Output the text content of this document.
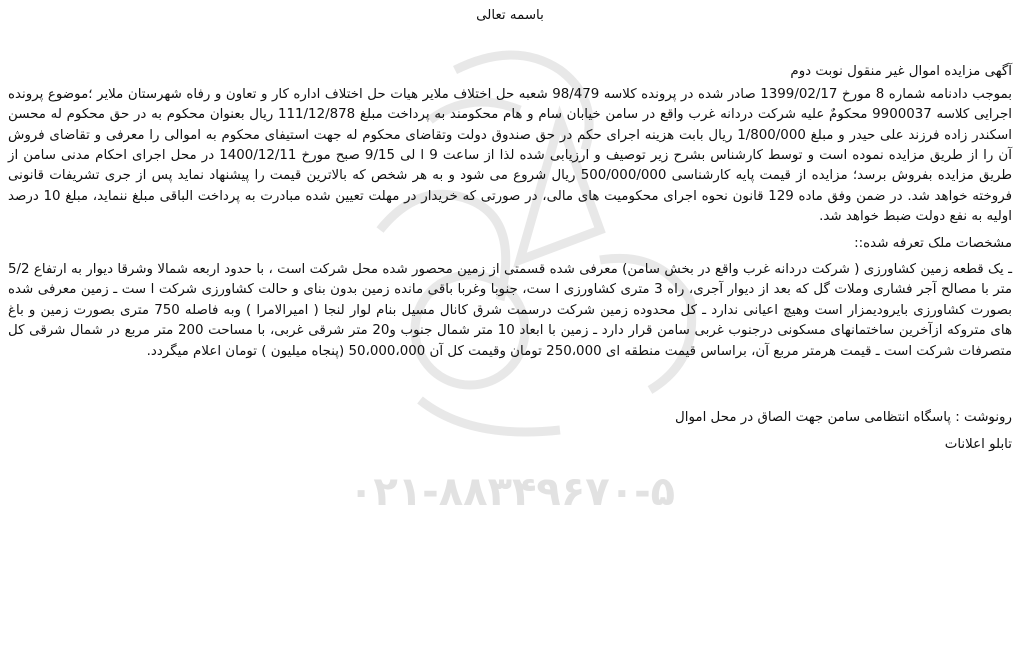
۰۲۱-۸۸۳۴۹۶۷۰-۵

باسمه تعالی

آگهی مزایده اموال غیر منقول نوبت دوم

بموجب دادنامه شماره 8 مورخ 1399/02/17 صادر شده در پرونده کلاسه 98/479 شعبه حل اختلاف ملایر هیات حل اختلاف اداره کار و تعاون و رفاه شهرستان ملایر ؛موضوع پرونده اجرایی کلاسه 9900037 محکومٌ علیه شرکت دردانه غرب واقع در سامن خیابان سام و هام محکومند به پرداخت مبلغ 111/12/878 ریال بعنوان محکوم به در حق محکوم له محسن اسکندر زاده فرزند علی حیدر و مبلغ 1/800/000 ریال بابت هزینه اجرای حکم در حق صندوق دولت وتقاضای محکوم له جهت استیفای محکوم به اموالی را معرفی و تقاضای فروش آن را از طریق مزایده نموده است و توسط کارشناس بشرح زیر توصیف و ارزیابی شده لذا از ساعت 9 ا لی 9/15 صبح مورخ 1400/12/11 در محل اجرای احکام مدنی سامن از طریق مزایده بفروش برسد؛ مزایده از قیمت پایه کارشناسی 500/000/000 ریال شروع می شود و به هر شخص که بالاترین قیمت را پیشنهاد نماید پس از جری تشریفات قانونی فروخته خواهد شد. در ضمن وفق ماده 129 قانون نحوه اجرای محکومیت های مالی، در صورتی که خریدار در مهلت تعیین شده مبادرت به پرداخت الباقی مبلغ ننماید، مبلغ 10 درصد اولیه به نفع دولت ضبط خواهد شد.

مشخصات ملک تعرفه شده::

ـ یک قطعه زمین کشاورزی ( شرکت دردانه غرب واقع در بخش سامن) معرفی شده قسمتی از زمین محصور شده محل شرکت است ، با حدود اربعه شمالا وشرقا دیوار به ارتفاع 5/2 متر با مصالح آجر فشاری وملات گل که بعد از دیوار آجری، راه 3 متری کشاورزی ا ست، جنوبا وغربا باقی مانده زمین بدون بنای و حالت کشاورزی شرکت ا ست ـ زمین معرفی شده بصورت کشاورزی بایرودیمزار است وهیچ اعیانی ندارد ـ کل محدوده زمین شرکت درسمت شرق کانال مسیل بنام لوار لنجا ( امیرالامرا ) وبه فاصله 750 متری بصورت زمین و باغ های متروکه ازآخرین ساختمانهای مسکونی درجنوب غربی سامن قرار دارد ـ زمین با ابعاد 10 متر شمال جنوب و20 متر شرقی غربی، با مساحت 200 متر مربع در شمال شرقی کل متصرفات شرکت است ـ قیمت هرمتر مربع آن، براساس قیمت منطقه ای 250،000 تومان وقیمت کل آن 50،000،000 (پنجاه میلیون ) تومان اعلام میگردد.

رونوشت : پاسگاه انتظامی سامن جهت الصاق در محل اموال

تابلو اعلانات
